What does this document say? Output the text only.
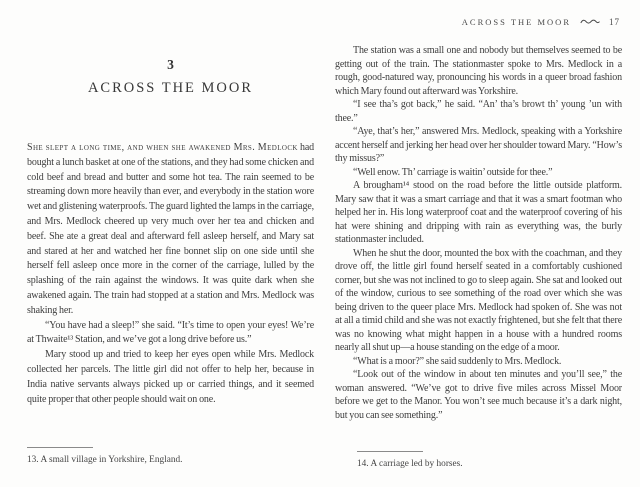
ACROSS THE MOOR	17
3
ACROSS THE MOOR

She slept a long time, and when she awakened Mrs. Medlock had bought a lunch basket at one of the stations, and they had some chicken and cold beef and bread and butter and some hot tea. The rain seemed to be streaming down more heavily than ever, and everybody in the station wore wet and glistening waterproofs. The guard lighted the lamps in the carriage, and Mrs. Medlock cheered up very much over her tea and chicken and beef. She ate a great deal and afterward fell asleep herself, and Mary sat and stared at her and watched her fine bonnet slip on one side until she herself fell asleep once more in the corner of the carriage, lulled by the splashing of the rain against the windows. It was quite dark when she awakened again. The train had stopped at a station and Mrs. Medlock was shaking her.

“You have had a sleep!” she said. “It’s time to open your eyes! We’re at Thwaite¹³ Station, and we’ve got a long drive before us.”

Mary stood up and tried to keep her eyes open while Mrs. Medlock collected her parcels. The little girl did not offer to help her, because in India native servants always picked up or carried things, and it seemed quite proper that other people should wait on one.

13. A small village in Yorkshire, England.

The station was a small one and nobody but themselves seemed to be getting out of the train. The stationmaster spoke to Mrs. Medlock in a rough, good-natured way, pronouncing his words in a queer broad fashion which Mary found out afterward was Yorkshire.

“I see tha’s got back,” he said. “An’ tha’s browt th’ young ’un with thee.”

“Aye, that’s her,” answered Mrs. Medlock, speaking with a Yorkshire accent herself and jerking her head over her shoulder toward Mary. “How’s thy missus?”

“Well enow. Th’ carriage is waitin’ outside for thee.”

A brougham¹⁴ stood on the road before the little outside platform. Mary saw that it was a smart carriage and that it was a smart footman who helped her in. His long waterproof coat and the waterproof covering of his hat were shining and dripping with rain as everything was, the burly stationmaster included.

When he shut the door, mounted the box with the coachman, and they drove off, the little girl found herself seated in a comfortably cushioned corner, but she was not inclined to go to sleep again. She sat and looked out of the window, curious to see something of the road over which she was being driven to the queer place Mrs. Medlock had spoken of. She was not at all a timid child and she was not exactly frightened, but she felt that there was no knowing what might happen in a house with a hundred rooms nearly all shut up—a house standing on the edge of a moor.

“What is a moor?” she said suddenly to Mrs. Medlock.

“Look out of the window in about ten minutes and you’ll see,” the woman answered. “We’ve got to drive five miles across Missel Moor before we get to the Manor. You won’t see much because it’s a dark night, but you can see something.”

14. A carriage led by horses.
